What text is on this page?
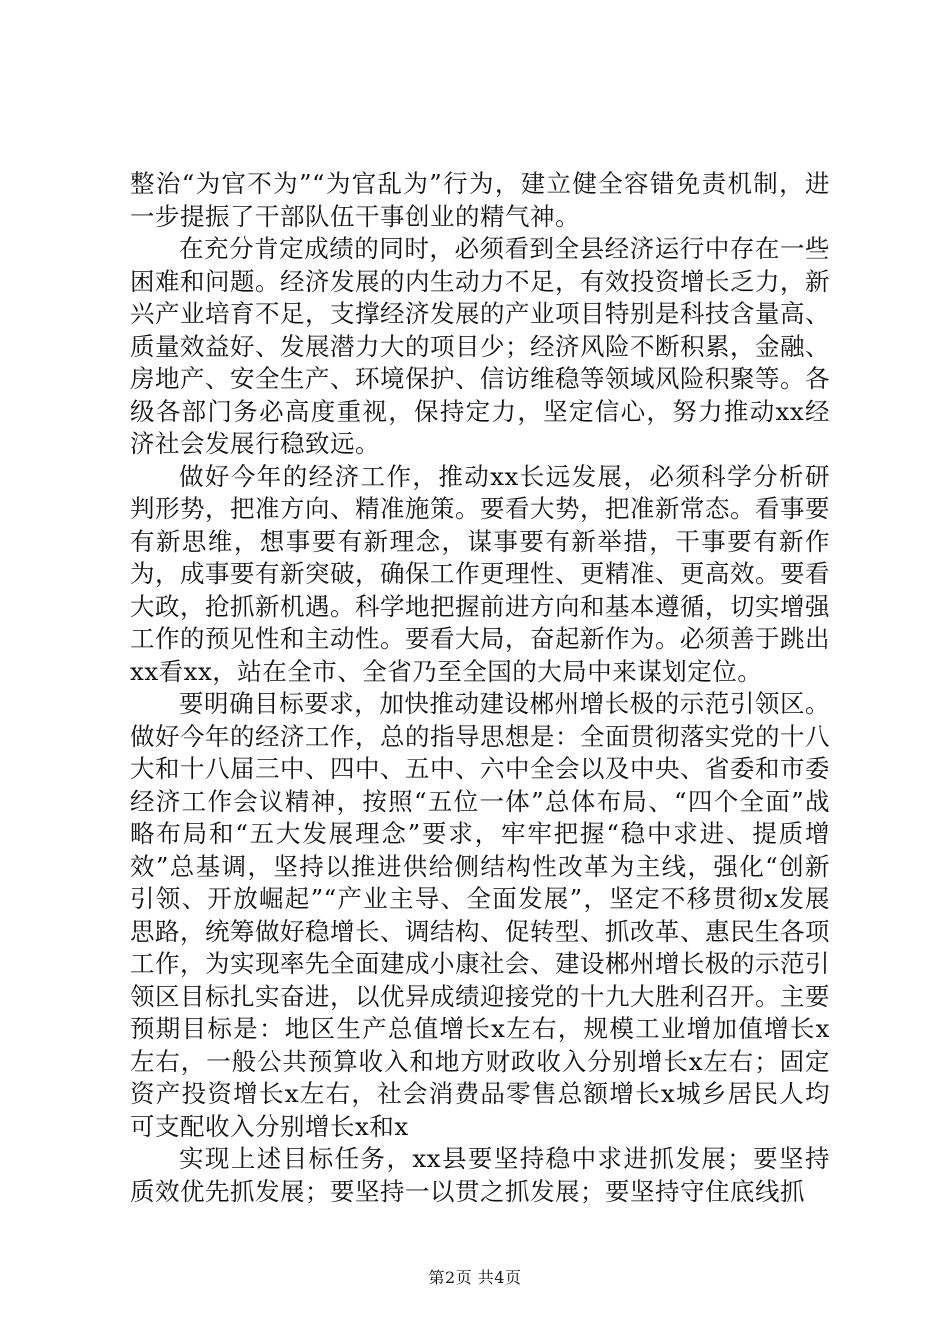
整治“为官不为”“为官乱为”行为，建立健全容错免责机制，进一步提振了干部队伍干事创业的精气神。

在充分肯定成绩的同时，必须看到全县经济运行中存在一些困难和问题。经济发展的内生动力不足，有效投资增长乏力，新兴产业培育不足，支撑经济发展的产业项目特别是科技含量高、质量效益好、发展潜力大的项目少；经济风险不断积累，金融、房地产、安全生产、环境保护、信访维稳等领域风险积聚等。各级各部门务必高度重视，保持定力，坚定信心，努力推动xx经济社会发展行稳致远。

做好今年的经济工作，推动xx长远发展，必须科学分析研判形势，把准方向、精准施策。要看大势，把准新常态。看事要有新思维，想事要有新理念，谋事要有新举措，干事要有新作为，成事要有新突破，确保工作更理性、更精准、更高效。要看大政，抢抓新机遇。科学地把握前进方向和基本遵循，切实增强工作的预见性和主动性。要看大局，奋起新作为。必须善于跳出xx看xx，站在全市、全省乃至全国的大局中来谋划定位。

要明确目标要求，加快推动建设郴州增长极的示范引领区。做好今年的经济工作，总的指导思想是：全面贯彻落实党的十八大和十八届三中、四中、五中、六中全会以及中央、省委和市委经济工作会议精神，按照“五位一体”总体布局、“四个全面”战略布局和“五大发展理念”要求，牢牢把握“稳中求进、提质增效”总基调，坚持以推进供给侧结构性改革为主线，强化“创新引领、开放崛起”“产业主导、全面发展”，坚定不移贯彻x发展思路，统筹做好稳增长、调结构、促转型、抓改革、惠民生各项工作，为实现率先全面建成小康社会、建设郴州增长极的示范引领区目标扎实奋进，以优异成绩迎接党的十九大胜利召开。主要预期目标是：地区生产总值增长x左右，规模工业增加值增长x左右，一般公共预算收入和地方财政收入分别增长x左右；固定资产投资增长x左右，社会消费品零售总额增长x城乡居民人均可支配收入分别增长x和x

实现上述目标任务，xx县要坚持稳中求进抓发展；要坚持质效优先抓发展；要坚持一以贯之抓发展；要坚持守住底线抓

第2页 共4页
